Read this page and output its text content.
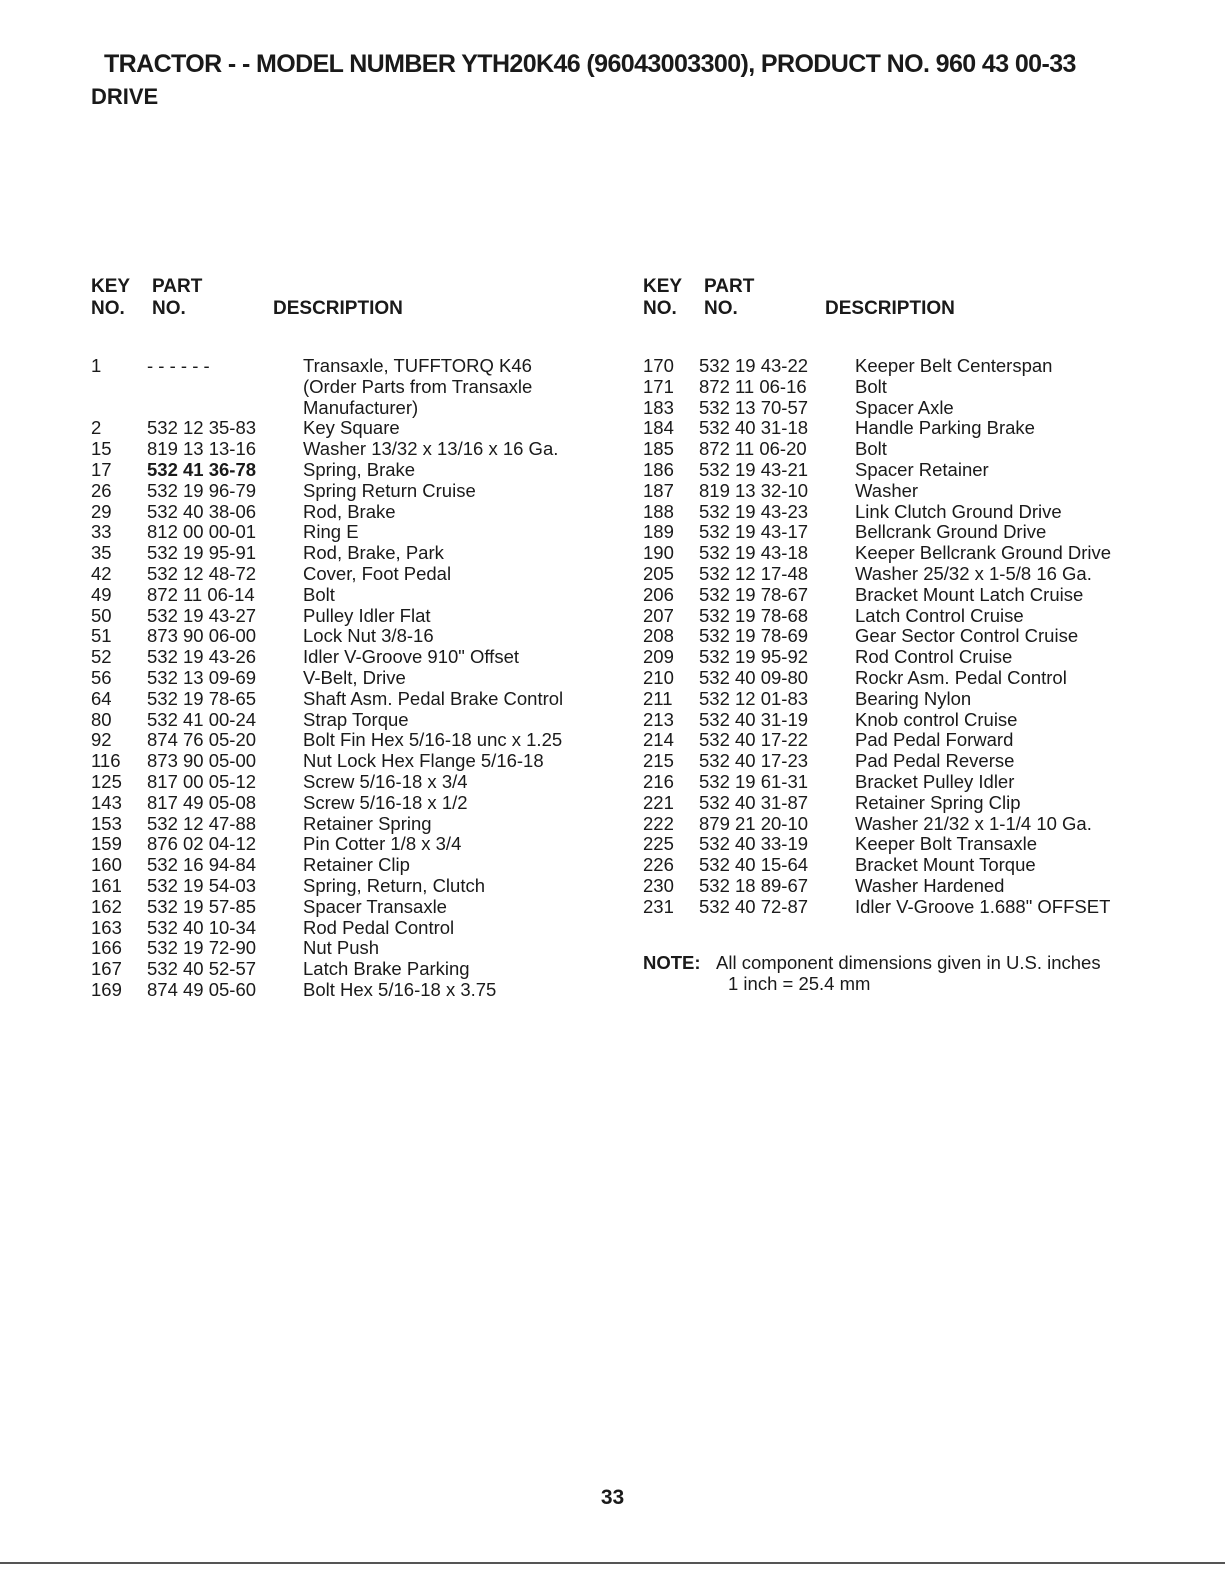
TRACTOR - - MODEL NUMBER YTH20K46 (96043003300), PRODUCT NO. 960 43 00-33
DRIVE
KEY
NO.
PART
NO.	DESCRIPTION
1 - - - - - -	Transaxle, TUFFTORQ K46
(Order Parts from Transaxle
Manufacturer)
2 532 12 35-83	Key Square
15 819 13 13-16	Washer 13/32 x 13/16 x 16 Ga.
17 532 41 36-78	Spring, Brake
26 532 19 96-79	Spring Return Cruise
29 532 40 38-06	Rod, Brake
33 812 00 00-01	Ring E
35 532 19 95-91	Rod, Brake, Park
42 532 12 48-72	Cover, Foot Pedal
49 872 11 06-14	Bolt
50 532 19 43-27	Pulley Idler Flat
51 873 90 06-00	Lock Nut 3/8-16
52 532 19 43-26	Idler V-Groove 910" Offset
56 532 13 09-69	V-Belt, Drive
64 532 19 78-65	Shaft Asm. Pedal Brake Control
80 532 41 00-24	Strap Torque
92 874 76 05-20	Bolt Fin Hex 5/16-18 unc x 1.25
116 873 90 05-00	Nut Lock Hex Flange 5/16-18
125 817 00 05-12	Screw 5/16-18 x 3/4
143 817 49 05-08	Screw 5/16-18 x 1/2
153 532 12 47-88	Retainer Spring
159 876 02 04-12	Pin Cotter 1/8 x 3/4
160 532 16 94-84	Retainer Clip
161 532 19 54-03	Spring, Return, Clutch
162 532 19 57-85	Spacer Transaxle
163 532 40 10-34	Rod Pedal Control
166 532 19 72-90	Nut Push
167 532 40 52-57	Latch Brake Parking
169 874 49 05-60	Bolt Hex 5/16-18 x 3.75
KEY
NO.
PART
NO.	DESCRIPTION
170 532 19 43-22	Keeper Belt Centerspan
171 872 11 06-16	Bolt
183 532 13 70-57	Spacer Axle
184 532 40 31-18	Handle Parking Brake
185 872 11 06-20	Bolt
186 532 19 43-21	Spacer Retainer
187 819 13 32-10	Washer
188 532 19 43-23	Link Clutch Ground Drive
189 532 19 43-17	Bellcrank Ground Drive
190 532 19 43-18	Keeper Bellcrank Ground Drive
205 532 12 17-48	Washer 25/32 x 1-5/8 16 Ga.
206 532 19 78-67	Bracket Mount Latch Cruise
207 532 19 78-68	Latch Control Cruise
208 532 19 78-69	Gear Sector Control Cruise
209 532 19 95-92	Rod Control Cruise
210 532 40 09-80	Rockr Asm. Pedal Control
211 532 12 01-83	Bearing Nylon
213 532 40 31-19	Knob control Cruise
214 532 40 17-22	Pad Pedal Forward
215 532 40 17-23	Pad Pedal Reverse
216 532 19 61-31	Bracket Pulley Idler
221 532 40 31-87	Retainer Spring Clip
222 879 21 20-10	Washer 21/32 x 1-1/4 10 Ga.
225 532 40 33-19	Keeper Bolt Transaxle
226 532 40 15-64	Bracket Mount Torque
230 532 18 89-67	Washer Hardened
231 532 40 72-87	Idler V-Groove 1.688" OFFSET
NOTE: All component dimensions given in U.S. inches
1 inch = 25.4 mm
33
